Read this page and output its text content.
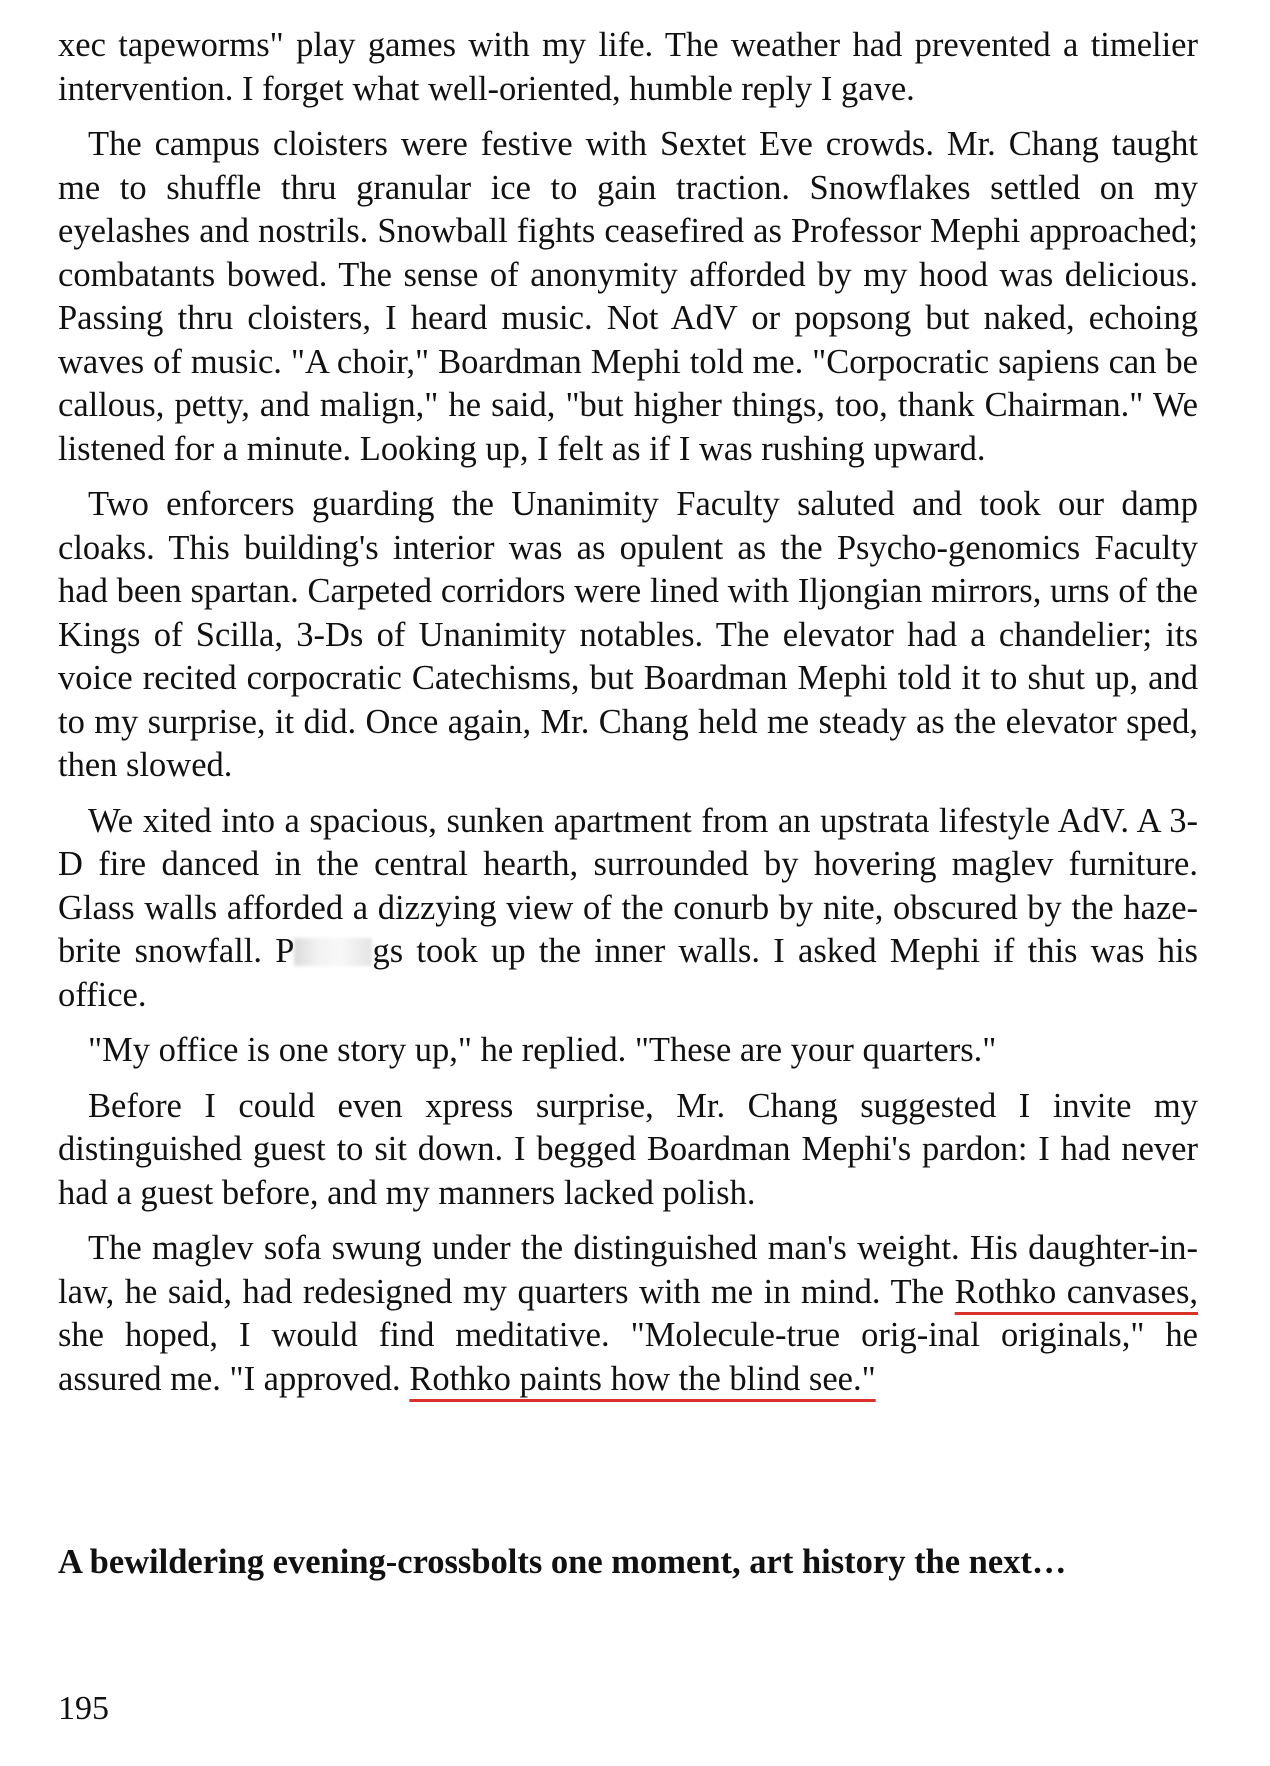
xec tapeworms" play games with my life. The weather had prevented a timelier intervention. I forget what well-oriented, humble reply I gave.

The campus cloisters were festive with Sextet Eve crowds. Mr. Chang taught me to shuffle thru granular ice to gain traction. Snowflakes settled on my eyelashes and nostrils. Snowball fights ceasefired as Professor Mephi approached; combatants bowed. The sense of anonymity afforded by my hood was delicious. Passing thru cloisters, I heard music. Not AdV or popsong but naked, echoing waves of music. "A choir," Boardman Mephi told me. "Corpocratic sapiens can be callous, petty, and malign," he said, "but higher things, too, thank Chairman." We listened for a minute. Looking up, I felt as if I was rushing upward.

Two enforcers guarding the Unanimity Faculty saluted and took our damp cloaks. This building's interior was as opulent as the Psycho-genomics Faculty had been spartan. Carpeted corridors were lined with Iljongian mirrors, urns of the Kings of Scilla, 3-Ds of Unanimity notables. The elevator had a chandelier; its voice recited corpocratic Catechisms, but Boardman Mephi told it to shut up, and to my surprise, it did. Once again, Mr. Chang held me steady as the elevator sped, then slowed.

We xited into a spacious, sunken apartment from an upstrata lifestyle AdV. A 3-D fire danced in the central hearth, surrounded by hovering maglev furniture. Glass walls afforded a dizzying view of the conurb by nite, obscured by the haze-brite snowfall. P gs took up the inner walls. I asked Mephi if this was his office.

"My office is one story up," he replied. "These are your quarters."

Before I could even xpress surprise, Mr. Chang suggested I invite my distinguished guest to sit down. I begged Boardman Mephi's pardon: I had never had a guest before, and my manners lacked polish.

The maglev sofa swung under the distinguished man's weight. His daughter-in-law, he said, had redesigned my quarters with me in mind. The Rothko canvases, she hoped, I would find meditative. "Molecule-true orig-inal originals," he assured me. "I approved. Rothko paints how the blind see."

A bewildering evening-crossbolts one moment, art history the next…
195
